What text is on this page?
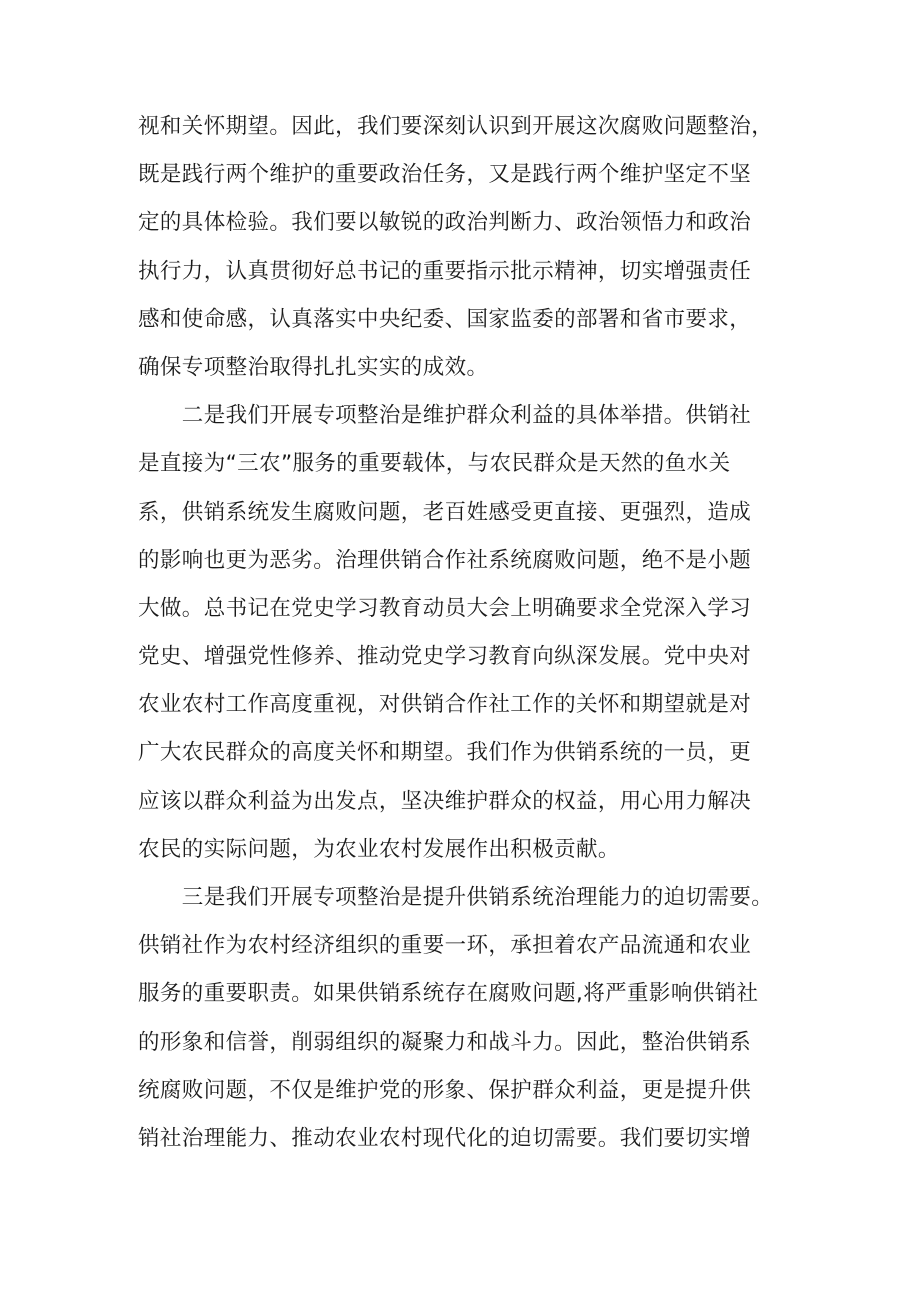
视和关怀期望。因此，我们要深刻认识到开展这次腐败问题整治，
既是践行两个维护的重要政治任务，又是践行两个维护坚定不坚
定的具体检验。我们要以敏锐的政治判断力、政治领悟力和政治
执行力，认真贯彻好总书记的重要指示批示精神，切实增强责任
感和使命感，认真落实中央纪委、国家监委的部署和省市要求，
确保专项整治取得扎扎实实的成效。
　　二是我们开展专项整治是维护群众利益的具体举措。供销社
是直接为“三农”服务的重要载体，与农民群众是天然的鱼水关
系，供销系统发生腐败问题，老百姓感受更直接、更强烈，造成
的影响也更为恶劣。治理供销合作社系统腐败问题，绝不是小题
大做。总书记在党史学习教育动员大会上明确要求全党深入学习
党史、增强党性修养、推动党史学习教育向纵深发展。党中央对
农业农村工作高度重视，对供销合作社工作的关怀和期望就是对
广大农民群众的高度关怀和期望。我们作为供销系统的一员，更
应该以群众利益为出发点，坚决维护群众的权益，用心用力解决
农民的实际问题，为农业农村发展作出积极贡献。
　　三是我们开展专项整治是提升供销系统治理能力的迫切需要。
供销社作为农村经济组织的重要一环，承担着农产品流通和农业
服务的重要职责。如果供销系统存在腐败问题,将严重影响供销社
的形象和信誉，削弱组织的凝聚力和战斗力。因此，整治供销系
统腐败问题，不仅是维护党的形象、保护群众利益，更是提升供
销社治理能力、推动农业农村现代化的迫切需要。我们要切实增
